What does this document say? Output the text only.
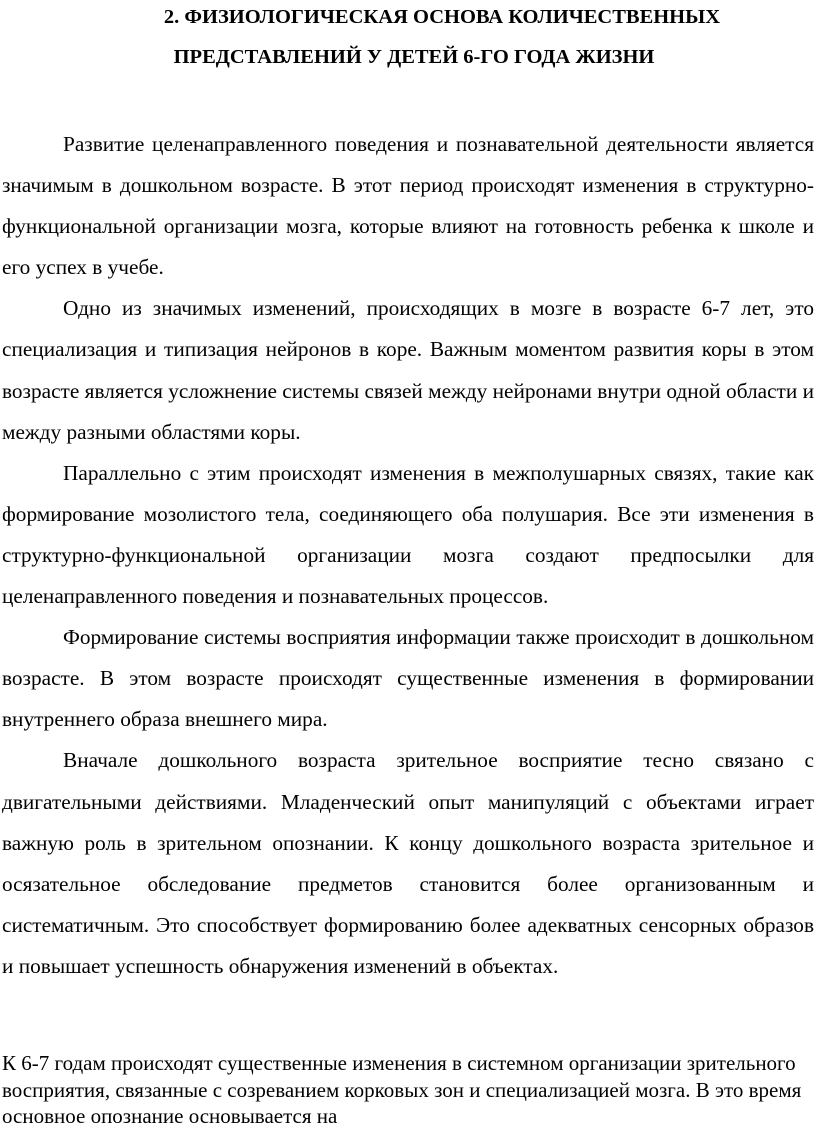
2. ФИЗИОЛОГИЧЕСКАЯ ОСНОВА КОЛИЧЕСТВЕННЫХ
ПРЕДСТАВЛЕНИЙ У ДЕТЕЙ 6-ГО ГОДА ЖИЗНИ

Развитие целенаправленного поведения и познавательной деятельности является значимым в дошкольном возрасте. В этот период происходят изменения в структурно-функциональной организации мозга, которые влияют на готовность ребенка к школе и его успех в учебе.

Одно из значимых изменений, происходящих в мозге в возрасте 6-7 лет, это специализация и типизация нейронов в коре. Важным моментом развития коры в этом возрасте является усложнение системы связей между нейронами внутри одной области и между разными областями коры.

Параллельно с этим происходят изменения в межполушарных связях, такие как формирование мозолистого тела, соединяющего оба полушария. Все эти изменения в структурно-функциональной организации мозга создают предпосылки для целенаправленного поведения и познавательных процессов.

Формирование системы восприятия информации также происходит в дошкольном возрасте. В этом возрасте происходят существенные изменения в формировании внутреннего образа внешнего мира.

Вначале дошкольного возраста зрительное восприятие тесно связано с двигательными действиями. Младенческий опыт манипуляций с объектами играет важную роль в зрительном опознании. К концу дошкольного возраста зрительное и осязательное обследование предметов становится более организованным и систематичным. Это способствует формированию более адекватных сенсорных образов и повышает успешность обнаружения изменений в объектах.

К 6-7 годам происходят существенные изменения в системном организации зрительного восприятия, связанные с созреванием корковых зон и специализацией мозга. В это время основное опознание основывается на
